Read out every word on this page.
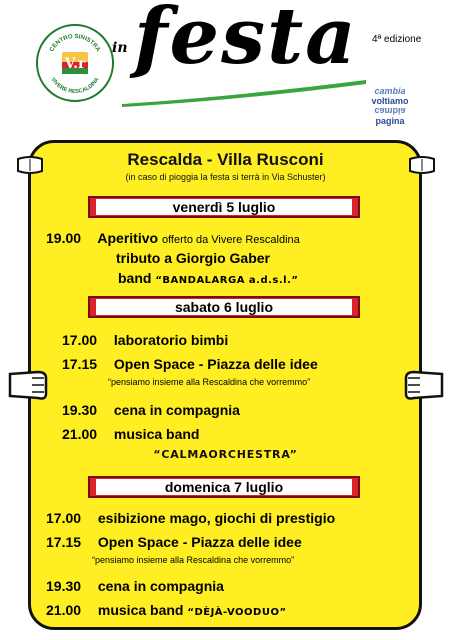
CENTRO SINISTRA
VIVERE RESCALDINA
V.r
in festa 4ª edizione
cambia
voltiamo
cambia
pagina
Rescalda - Villa Rusconi
(in caso di pioggia la festa si terrà in Via Schuster)
venerdì 5 luglio
19.00 Aperitivo offerto da Vivere Rescaldina
tributo a Giorgio Gaber
band “BANDALARGA a.d.s.l.”
sabato 6 luglio
17.00 laboratorio bimbi
17.15 Open Space - Piazza delle idee
“pensiamo insieme alla Rescaldina che vorremmo”
19.30 cena in compagnia
21.00 musica band
“CALMAORCHESTRA”
domenica 7 luglio
17.00 esibizione mago, giochi di prestigio
17.15 Open Space - Piazza delle idee
“pensiamo insieme alla Rescaldina che vorremmo”
19.30 cena in compagnia
21.00 musica band “DÈJÀ-VOODUO”
